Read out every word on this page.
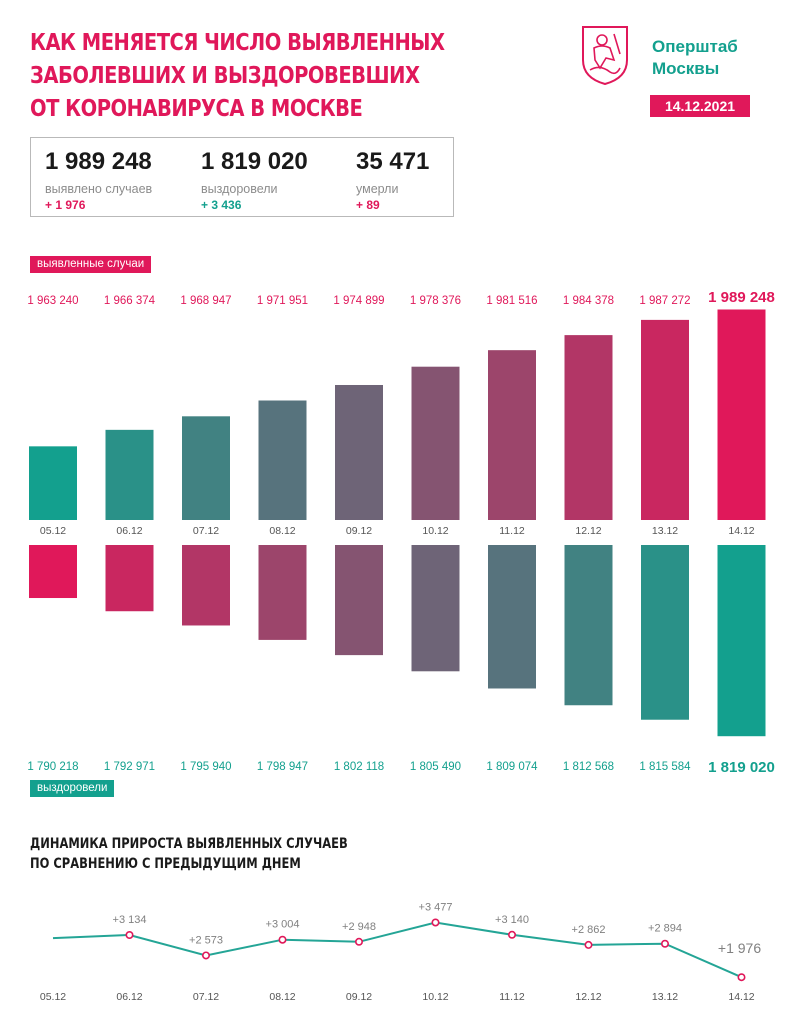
КАК МЕНЯЕТСЯ ЧИСЛО ВЫЯВЛЕННЫХ
ЗАБОЛЕВШИХ И ВЫЗДОРОВЕВШИХ
ОТ КОРОНАВИРУСА В МОСКВЕ
Оперштаб
Москвы
14.12.2021
1 989 248
выявлено случаев
+ 1 976
1 819 020
выздоровели
+ 3 436
35 471
умерли
+ 89
выявленные случаи
1 963 240
05.12
1 966 374
06.12
1 968 947
07.12
1 971 951
08.12
1 974 899
09.12
1 978 376
10.12
1 981 516
11.12
1 984 378
12.12
1 987 272
13.12
1 989 248
14.12
1 790 218 1 792 971 1 795 940 1 798 947 1 802 118 1 805 490 1 809 074 1 812 568 1 815 584 1 819 020
выздоровели
ДИНАМИКА ПРИРОСТА ВЫЯВЛЕННЫХ СЛУЧАЕВ
ПО СРАВНЕНИЮ С ПРЕДЫДУЩИМ ДНЕМ
05.12
+3 134
06.12
+2 573
07.12
+3 004
08.12
+2 948
09.12
+3 477
10.12
+3 140
11.12
+2 862
12.12
+2 894
13.12
+1 976
14.12
